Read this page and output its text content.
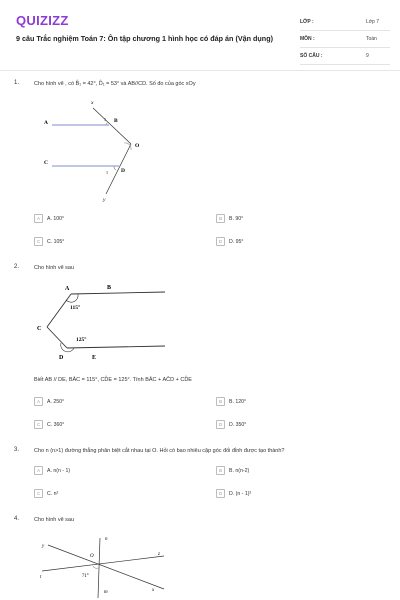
QUIZIZZ
9 câu Trắc nghiệm Toán 7: Ôn tập chương 1 hình học có đáp án (Vận dụng)
LỚP :	Lớp 7
MÔN :	Toán
SỐ CÂU :	9
1.	Cho hình vẽ , có B̂₁ = 42°, D̂₁ = 53° và AB//CD. Số đo của góc xOy
x
A	B
1
O
C
D
1
y
A	A. 100°	B	B. 90°
C	C. 105°	D	D. 95°
2.	Cho hình vẽ sau
A	B
115°
C
125°
D	E
Biết AB // DE, BÂC = 115°, CD̂E = 125°. Tính BÂC + AĈD + CD̂E
A	A. 250°	B	B. 120°
C	C. 360°	D	D. 350°
3.	Cho n (n>1) đường thẳng phân biệt cắt nhau tại O. Hỏi có bao nhiêu cặp góc đối đỉnh được tạo thành?
A	A. n(n - 1)	B	B. n(n-2)
C	C. n²	D	D. (n - 1)²
4.	Cho hình vẽ sau
y
n
z
O
t	71°
x
m
